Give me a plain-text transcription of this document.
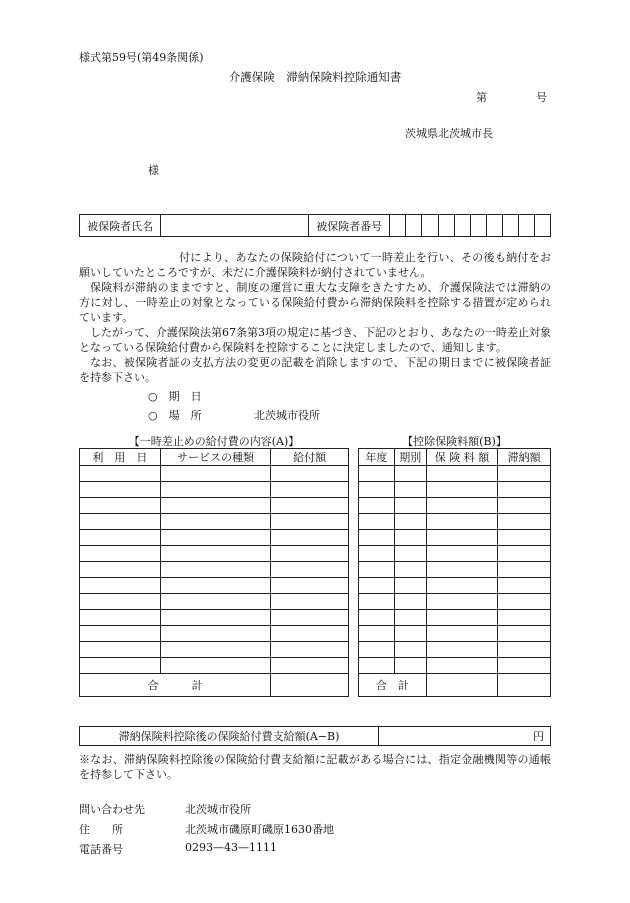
様式第59号(第49条関係)
介護保険　滞納保険料控除通知書
第	号
茨城県北茨城市長
様
被保険者氏名		被保険者番号										
付により、あなたの保険給付について一時差止を行い、その後も納付をお願いしていたところですが、未だに介護保険料が納付されていません。
保険料が滞納のままですと、制度の運営に重大な支障をきたすため、介護保険法では滞納の方に対し、一時差止の対象となっている保険給付費から滞納保険料を控除する措置が定められています。
したがって、介護保険法第67条第3項の規定に基づき、下記のとおり、あなたの一時差止対象となっている保険給付費から保険料を控除することに決定しましたので、通知します。
なお、被保険者証の支払方法の変更の記載を消除しますので、下記の期日までに被保険者証を持参下さい。
○　期　日
○　場　所	北茨城市役所
【一時差止めの給付費の内容(A)】	【控除保険料額(B)】
利　用　日	サービスの種類	給付額

合　　　計		
年度	期別	保 険 料 額	滞納額

合　計			
滞納保険料控除後の保険給付費支給額(A−B)	円
※なお、滞納保険料控除後の保険給付費支給額に記載がある場合には、指定金融機関等の通帳を持参して下さい。
問い合わせ先	北茨城市役所
住　　所	北茨城市磯原町磯原1630番地
電話番号	0293—43—1111
